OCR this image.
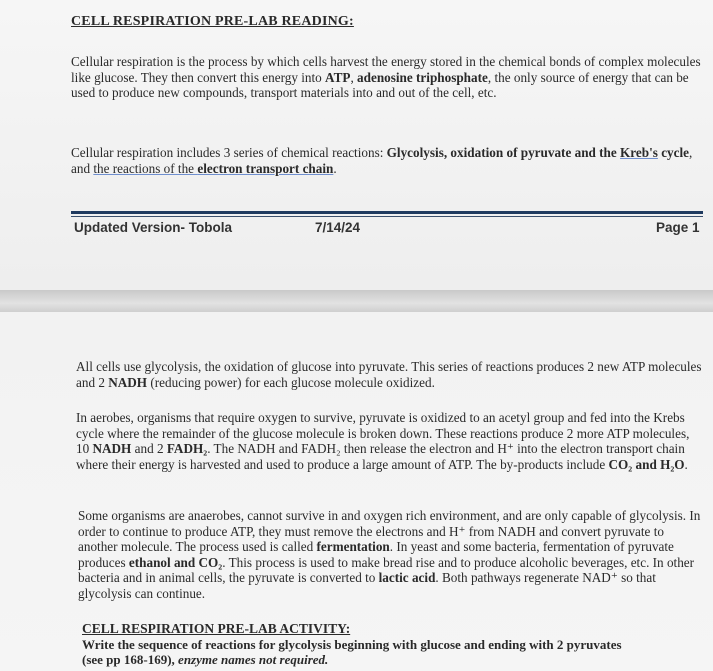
CELL RESPIRATION PRE-LAB READING:

Cellular respiration is the process by which cells harvest the energy stored in the chemical bonds of complex molecules like glucose. They then convert this energy into ATP, adenosine triphosphate, the only source of energy that can be used to produce new compounds, transport materials into and out of the cell, etc.

Cellular respiration includes 3 series of chemical reactions: Glycolysis, oxidation of pyruvate and the Kreb's cycle, and the reactions of the electron transport chain.

Updated Version- Tobola	7/14/24	Page 1

All cells use glycolysis, the oxidation of glucose into pyruvate. This series of reactions produces 2 new ATP molecules and 2 NADH (reducing power) for each glucose molecule oxidized.

In aerobes, organisms that require oxygen to survive, pyruvate is oxidized to an acetyl group and fed into the Krebs cycle where the remainder of the glucose molecule is broken down. These reactions produce 2 more ATP molecules, 10 NADH and 2 FADH₂. The NADH and FADH₂ then release the electron and H⁺ into the electron transport chain where their energy is harvested and used to produce a large amount of ATP. The by-products include CO₂ and H₂O.

Some organisms are anaerobes, cannot survive in and oxygen rich environment, and are only capable of glycolysis. In order to continue to produce ATP, they must remove the electrons and H⁺ from NADH and convert pyruvate to another molecule. The process used is called fermentation. In yeast and some bacteria, fermentation of pyruvate produces ethanol and CO₂. This process is used to make bread rise and to produce alcoholic beverages, etc. In other bacteria and in animal cells, the pyruvate is converted to lactic acid. Both pathways regenerate NAD⁺ so that glycolysis can continue.

CELL RESPIRATION PRE-LAB ACTIVITY:
Write the sequence of reactions for glycolysis beginning with glucose and ending with 2 pyruvates
(see pp 168-169), enzyme names not required.
